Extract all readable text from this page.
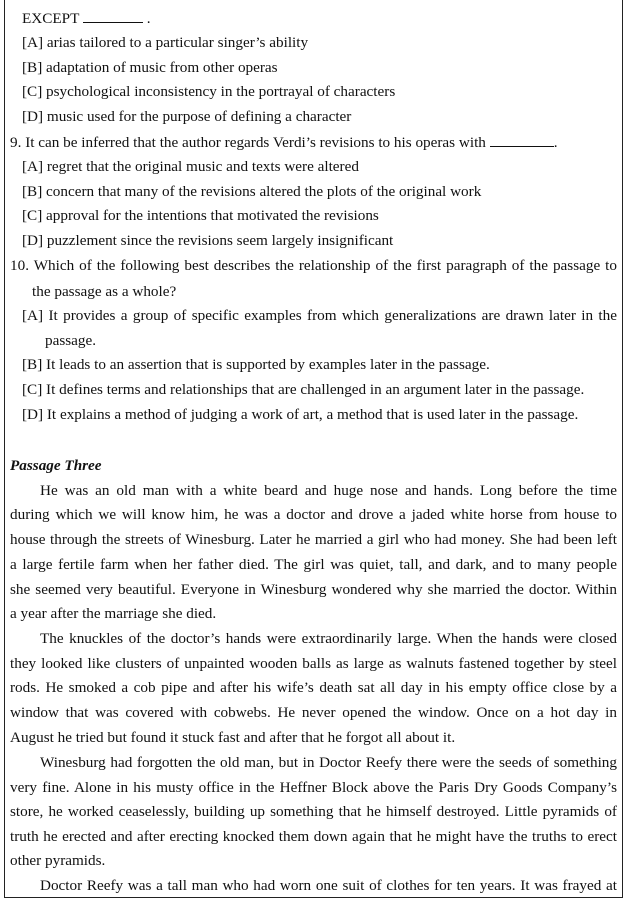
EXCEPT	.
[A] arias tailored to a particular singer’s ability
[B] adaptation of music from other operas
[C] psychological inconsistency in the portrayal of characters
[D] music used for the purpose of defining a character
9. It can be inferred that the author regards Verdi’s revisions to his operas with	.
[A] regret that the original music and texts were altered
[B] concern that many of the revisions altered the plots of the original work
[C] approval for the intentions that motivated the revisions
[D] puzzlement since the revisions seem largely insignificant
10. Which of the following best describes the relationship of the first paragraph of the passage to
the passage as a whole?
[A] It provides a group of specific examples from which generalizations are drawn later in the
passage.
[B] It leads to an assertion that is supported by examples later in the passage.
[C] It defines terms and relationships that are challenged in an argument later in the passage.
[D] It explains a method of judging a work of art, a method that is used later in the passage.
Passage Three
He was an old man with a white beard and huge nose and hands. Long before the time
during which we will know him, he was a doctor and drove a jaded white horse from house to
house through the streets of Winesburg. Later he married a girl who had money. She had been left
a large fertile farm when her father died. The girl was quiet, tall, and dark, and to many people
she seemed very beautiful. Everyone in Winesburg wondered why she married the doctor. Within
a year after the marriage she died.
The knuckles of the doctor’s hands were extraordinarily large. When the hands were closed
they looked like clusters of unpainted wooden balls as large as walnuts fastened together by steel
rods. He smoked a cob pipe and after his wife’s death sat all day in his empty office close by a
window that was covered with cobwebs. He never opened the window. Once on a hot day in
August he tried but found it stuck fast and after that he forgot all about it.
Winesburg had forgotten the old man, but in Doctor Reefy there were the seeds of something
very fine. Alone in his musty office in the Heffner Block above the Paris Dry Goods Company’s
store, he worked ceaselessly, building up something that he himself destroyed. Little pyramids of
truth he erected and after erecting knocked them down again that he might have the truths to erect
other pyramids.
Doctor Reefy was a tall man who had worn one suit of clothes for ten years. It was frayed at
